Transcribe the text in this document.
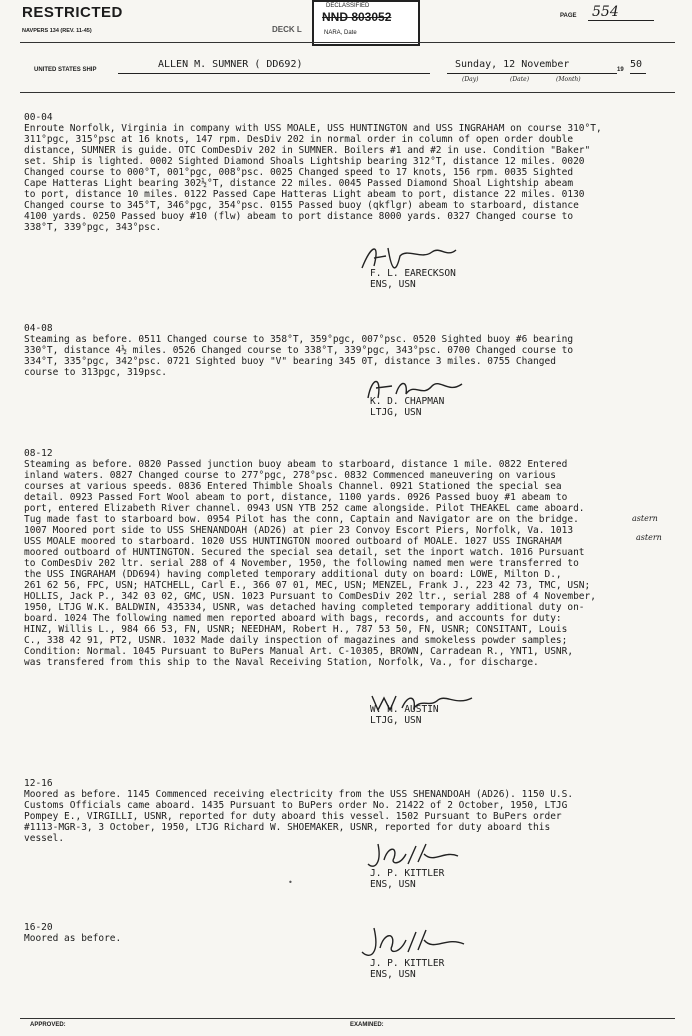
RESTRICTED
NAVPERS 134 (REV. 11-45)	DECK L
DECLASSIFIED
NND 803052
NARA, Date
PAGE 554
UNITED STATES SHIP	ALLEN M. SUMNER ( DD692)	Sunday, 12 November
(Day)	(Date)	(Month)
19 50
00-04
Enroute Norfolk, Virginia in company with USS MOALE, USS HUNTINGTON and USS INGRAHAM on course 310°T,
311°pgc, 315°psc at 16 knots, 147 rpm. DesDiv 202 in normal order in column of open order double
distance, SUMNER is guide. OTC ComDesDiv 202 in SUMNER. Boilers #1 and #2 in use. Condition "Baker"
set. Ship is lighted. 0002 Sighted Diamond Shoals Lightship bearing 312°T, distance 12 miles. 0020
Changed course to 000°T, 001°pgc, 008°psc. 0025 Changed speed to 17 knots, 156 rpm. 0035 Sighted
Cape Hatteras Light bearing 302½°T, distance 22 miles. 0045 Passed Diamond Shoal Lightship abeam
to port, distance 10 miles. 0122 Passed Cape Hatteras Light abeam to port, distance 22 miles. 0130
Changed course to 345°T, 346°pgc, 354°psc. 0155 Passed buoy (qkflgr) abeam to starboard, distance
4100 yards. 0250 Passed buoy #10 (flw) abeam to port distance 8000 yards. 0327 Changed course to
338°T, 339°pgc, 343°psc.
F. L. EARECKSON
ENS, USN
04-08
Steaming as before. 0511 Changed course to 358°T, 359°pgc, 007°psc. 0520 Sighted buoy #6 bearing
330°T, distance 4½ miles. 0526 Changed course to 338°T, 339°pgc, 343°psc. 0700 Changed course to
334°T, 335°pgc, 342°psc. 0721 Sighted buoy "V" bearing 345 0T, distance 3 miles. 0755 Changed
course to 313pgc, 319psc.
K. D. CHAPMAN
LTJG, USN
08-12
Steaming as before. 0820 Passed junction buoy abeam to starboard, distance 1 mile. 0822 Entered
inland waters. 0827 Changed course to 277°pgc, 278°psc. 0832 Commenced maneuvering on various
courses at various speeds. 0836 Entered Thimble Shoals Channel. 0921 Stationed the special sea
detail. 0923 Passed Fort Wool abeam to port, distance, 1100 yards. 0926 Passed buoy #1 abeam to
port, entered Elizabeth River channel. 0943 USN YTB 252 came alongside. Pilot THEAKEL came aboard.
Tug made fast to starboard bow. 0954 Pilot has the conn, Captain and Navigator are on the bridge.
1007 Moored port side to USS SHENANDOAH (AD26) at pier 23 Convoy Escort Piers, Norfolk, Va. 1013
USS MOALE moored to starboard. 1020 USS HUNTINGTON moored outboard of MOALE. 1027 USS INGRAHAM
moored outboard of HUNTINGTON. Secured the special sea detail, set the inport watch. 1016 Pursuant
to ComDesDiv 202 ltr. serial 288 of 4 November, 1950, the following named men were transferred to
the USS INGRAHAM (DD694) having completed temporary additional duty on board: LOWE, Milton D.,
261 62 56, FPC, USN; HATCHELL, Carl E., 366 07 01, MEC, USN; MENZEL, Frank J., 223 42 73, TMC, USN;
HOLLIS, Jack P., 342 03 02, GMC, USN. 1023 Pursuant to ComDesDiv 202 ltr., serial 288 of 4 November,
1950, LTJG W.K. BALDWIN, 435334, USNR, was detached having completed temporary additional duty on-
board. 1024 The following named men reported aboard with bags, records, and accounts for duty:
HINZ, Willis L., 984 66 53, FN, USNR; NEEDHAM, Robert H., 787 53 50, FN, USNR; CONSITANT, Louis
C., 338 42 91, PT2, USNR. 1032 Made daily inspection of magazines and smokeless powder samples;
Condition: Normal. 1045 Pursuant to BuPers Manual Art. C-10305, BROWN, Carradean R., YNT1, USNR,
was transfered from this ship to the Naval Receiving Station, Norfolk, Va., for discharge.
astern
astern
W. H. AUSTIN
LTJG, USN
12-16
Moored as before. 1145 Commenced receiving electricity from the USS SHENANDOAH (AD26). 1150 U.S.
Customs Officials came aboard. 1435 Pursuant to BuPers order No. 21422 of 2 October, 1950, LTJG
Pompey E., VIRGILLI, USNR, reported for duty aboard this vessel. 1502 Pursuant to BuPers order
#1113-MGR-3, 3 October, 1950, LTJG Richard W. SHOEMAKER, USNR, reported for duty aboard this
vessel.
•
J. P. KITTLER
ENS, USN
16-20
Moored as before.
J. P. KITTLER
ENS, USN
APPROVED:	EXAMINED:
